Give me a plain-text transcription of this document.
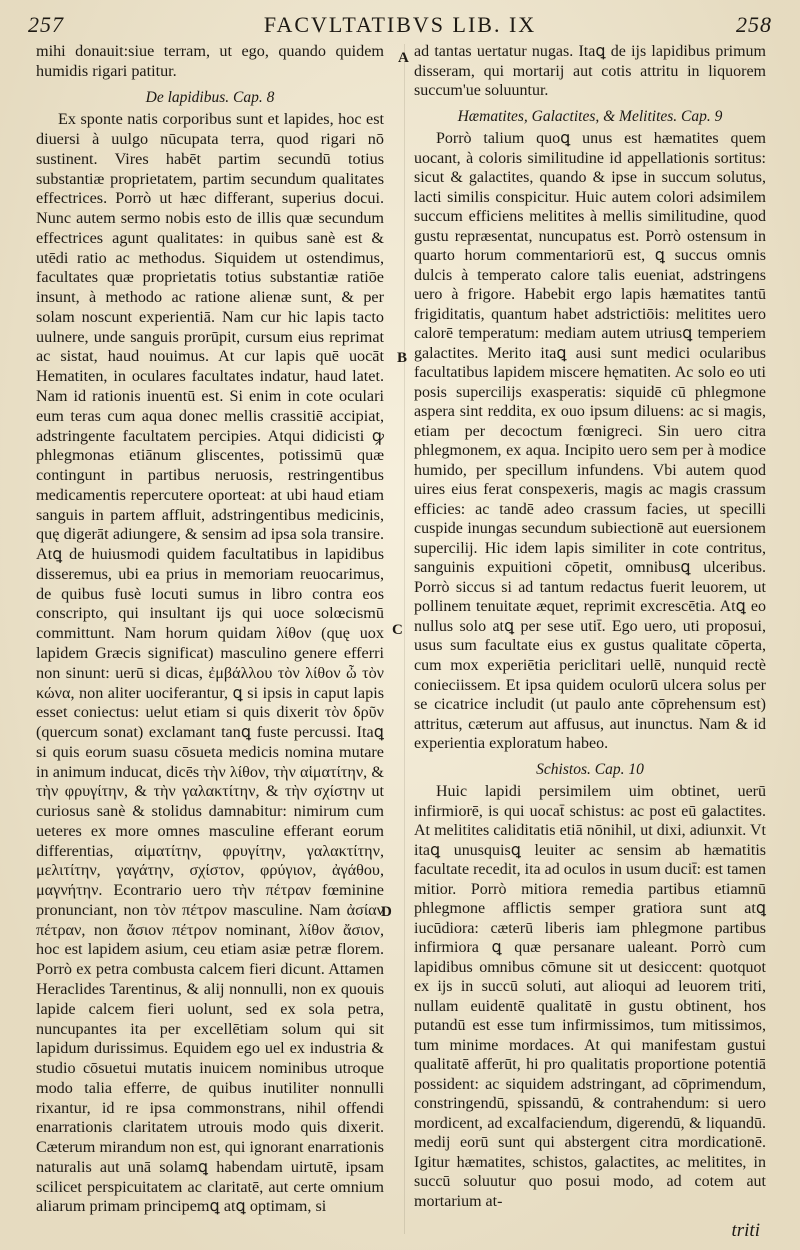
257	FACVLTATIBVS LIB. IX	258
A
B
C
D

mihi donauit:siue terram, ut ego, quando quidem humidis rigari patitur.

De lapidibus. Cap. 8

Ex sponte natis corporibus sunt et lapides, hoc est diuersi à uulgo nūcupata terra, quod rigari nō sustinent. Vires habēt partim secundū totius substantiæ proprietatem, partim secundum qualitates effectrices. Porrò ut hæc differant, superius docui. Nunc autem sermo nobis esto de illis quæ secundum effectrices agunt qualitates: in quibus sanè est & utēdi ratio ac methodus. Siquidem ut ostendimus, facultates quæ proprietatis totius substantiæ ratiōe insunt, à methodo ac ratione alienæ sunt, & per solam noscunt experientiā. Nam cur hic lapis tacto uulnere, unde sanguis prorūpit, cursum eius reprimat ac sistat, haud nouimus. At cur lapis quē uocāt Hematiten, in oculares facultates indatur, haud latet. Nam id rationis inuentū est. Si enim in cote oculari eum teras cum aqua donec mellis crassitiē accipiat, adstringente facultatem percipies. Atqui didicisti ꝙ phlegmonas etiānum gliscentes, potissimū quæ contingunt in partibus neruosis, restringentibus medicamentis repercutere oporteat: at ubi haud etiam sanguis in partem affluit, adstringentibus medicinis, quę digerāt adiungere, & sensim ad ipsa sola transire. Atꝗ de huiusmodi quidem facultatibus in lapidibus disseremus, ubi ea prius in memoriam reuocarimus, de quibus fusè locuti sumus in libro contra eos conscripto, qui insultant ijs qui uoce solœcismū committunt. Nam horum quidam λίθον (quę uox lapidem Græcis significat) masculino genere efferri non sinunt: uerū si dicas, ἐμβάλλου τὸν λίθον ὦ τὸν κώνα, non aliter uociferantur, ꝗ si ipsis in caput lapis esset coniectus: uelut etiam si quis dixerit τὸν δρῦν (quercum sonat) exclamant tanꝗ fuste percussi. Itaꝗ si quis eorum suasu cōsueta medicis nomina mutare in animum inducat, dicēs τὴν λίθον, τὴν αἱματίτην, & τὴν φρυγίτην, & τὴν γαλακτίτην, & τὴν σχίστην ut curiosus sanè & stolidus damnabitur: nimirum cum ueteres ex more omnes masculine efferant eorum differentias, αἱματίτην, φρυγίτην, γαλακτίτην, μελιτίτην, γαγάτην, σχίστον, φρύγιον, ἀγάθου, μαγνήτην. Econtrario uero τὴν πέτραν fœminine pronunciant, non τὸν πέτρον masculine. Nam ἀσίαν πέτραν, non ἄσιον πέτρον nominant, λίθον ἄσιον, hoc est lapidem asium, ceu etiam asiæ petræ florem. Porrò ex petra combusta calcem fieri dicunt. Attamen Heraclides Tarentinus, & alij nonnulli, non ex quouis lapide calcem fieri uolunt, sed ex sola petra, nuncupantes ita per excellētiam solum qui sit lapidum durissimus. Equidem ego uel ex industria & studio cōsuetui mutatis inuicem nominibus utroque modo talia efferre, de quibus inutiliter nonnulli rixantur, id re ipsa commonstrans, nihil offendi enarrationis claritatem utrouis modo quis dixerit. Cæterum mirandum non est, qui ignorant enarrationis naturalis aut unā solamꝗ habendam uirtutē, ipsam scilicet perspicuitatem ac claritatē, aut certe omnium aliarum primam principemꝗ atꝗ optimam, si

ad tantas uertatur nugas. Itaꝗ de ijs lapidibus primum disseram, qui mortarij aut cotis attritu in liquorem succum'ue soluuntur.

Hæmatites, Galactites, & Melitites. Cap. 9

Porrò talium quoꝗ unus est hæmatites quem uocant, à coloris similitudine id appellationis sortitus: sicut & galactites, quando & ipse in succum solutus, lacti similis conspicitur. Huic autem colori adsimilem succum efficiens melitites à mellis similitudine, quod gustu repræsentat, nuncupatus est. Porrò ostensum in quarto horum commentariorū est, ꝗ succus omnis dulcis à temperato calore talis eueniat, adstringens uero à frigore. Habebit ergo lapis hæmatites tantū frigiditatis, quantum habet adstrictiōis: melitites uero calorē temperatum: mediam autem utriusꝗ temperiem galactites. Merito itaꝗ ausi sunt medici ocularibus facultatibus lapidem miscere hęmatiten. Ac solo eo uti posis supercilijs exasperatis: siquidē cū phlegmone aspera sint reddita, ex ouo ipsum diluens: ac si magis, etiam per decoctum fœnigreci. Sin uero citra phlegmonem, ex aqua. Incipito uero sem per à modice humido, per specillum infundens. Vbi autem quod uires eius ferat conspexeris, magis ac magis crassum efficies: ac tandē adeo crassum facies, ut specilli cuspide inungas secundum subiectionē aut euersionem supercilij. Hic idem lapis similiter in cote contritus, sanguinis expuitioni cōpetit, omnibusꝗ ulceribus. Porrò siccus si ad tantum redactus fuerit leuorem, ut pollinem tenuitate æquet, reprimit excrescētia. Atꝗ eo nullus solo atꝗ per sese utit̄. Ego uero, uti proposui, usus sum facultate eius ex gustus qualitate cōperta, cum mox experiētia periclitari uellē, nunquid rectè conieciissem. Et ipsa quidem oculorū ulcera solus per se cicatrice includit (ut paulo ante cōprehensum est) attritus, cæterum aut affusus, aut inunctus. Nam & id experientia exploratum habeo.

Schistos. Cap. 10

Huic lapidi persimilem uim obtinet, uerū infirmiorē, is qui uocat̄ schistus: ac post eū galactites. At melitites caliditatis etiā nōnihil, ut dixi, adiunxit. Vt itaꝗ unusquisꝗ leuiter ac sensim ab hæmatitis facultate recedit, ita ad oculos in usum ducit̄: est tamen mitior. Porrò mitiora remedia partibus etiamnū phlegmone afflictis semper gratiora sunt atꝗ iucūdiora: cæterū liberis iam phlegmone partibus infirmiora ꝗ quæ persanare ualeant. Porrò cum lapidibus omnibus cōmune sit ut desiccent: quotquot ex ijs in succū soluti, aut alioqui ad leuorem triti, nullam euidentē qualitatē in gustu obtinent, hos putandū est esse tum infirmissimos, tum mitissimos, tum minime mordaces. At qui manifestam gustui qualitatē afferūt, hi pro qualitatis proportione potentiā possident: ac siquidem adstringant, ad cōprimendum, constringendū, spissandū, & contrahendum: si uero mordicent, ad excalfaciendum, digerendū, & liquandū. medij eorū sunt qui abstergent citra mordicationē. Igitur hæmatites, schistos, galactites, ac melitites, in succū soluutur quo posui modo, ad cotem aut mortarium at-

triti
